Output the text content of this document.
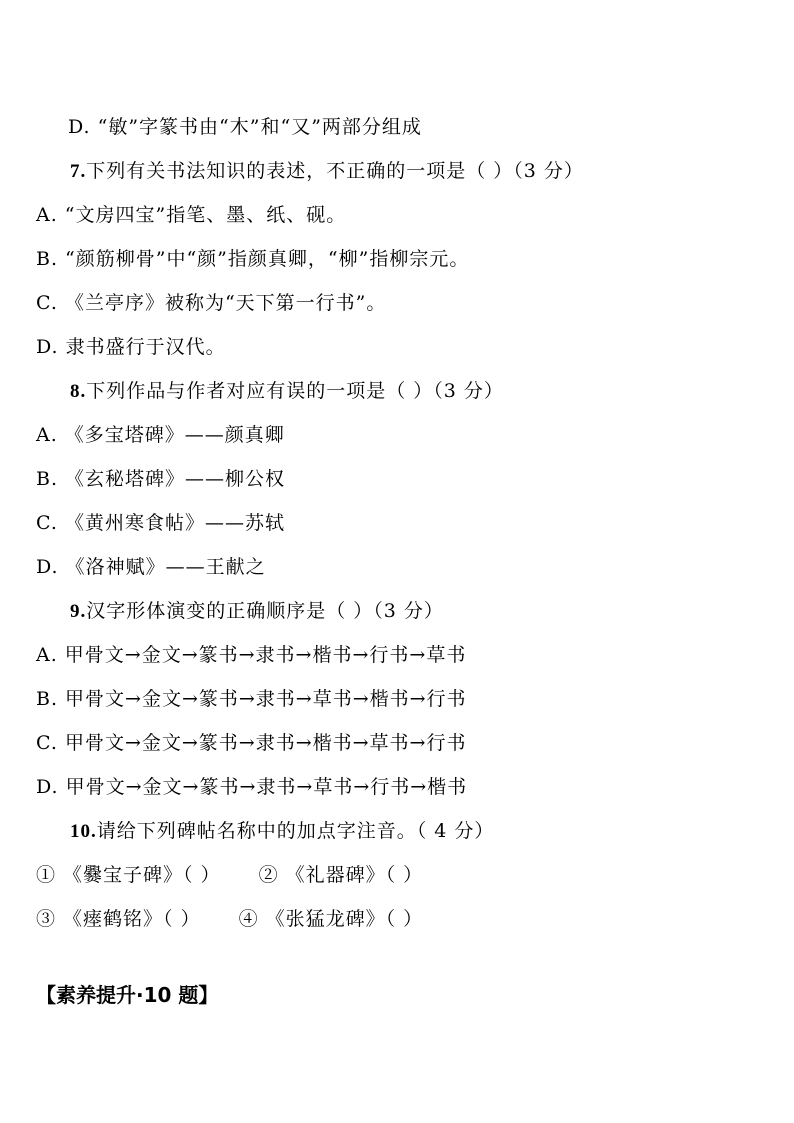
D. “敏”字篆书由“木”和“又”两部分组成
7.下列有关书法知识的表述，不正确的一项是（ ）（3 分）
A. “文房四宝”指笔、墨、纸、砚。
B. “颜筋柳骨”中“颜”指颜真卿，“柳”指柳宗元。
C. 《兰亭序》被称为“天下第一行书”。
D. 隶书盛行于汉代。
8.下列作品与作者对应有误的一项是（ ）（3 分）
A. 《多宝塔碑》——颜真卿
B. 《玄秘塔碑》——柳公权
C. 《黄州寒食帖》——苏轼
D. 《洛神赋》——王献之
9.汉字形体演变的正确顺序是（ ）（3 分）
A. 甲骨文→金文→篆书→隶书→楷书→行书→草书
B. 甲骨文→金文→篆书→隶书→草书→楷书→行书
C. 甲骨文→金文→篆书→隶书→楷书→草书→行书
D. 甲骨文→金文→篆书→隶书→草书→行书→楷书
10.请给下列碑帖名称中的加点字注音。（ 4 分）
① 《爨宝子碑》（ ） ② 《礼器碑》（ ）
③ 《瘗鹤铭》（ ） ④ 《张猛龙碑》（ ）
【素养提升·10 题】
